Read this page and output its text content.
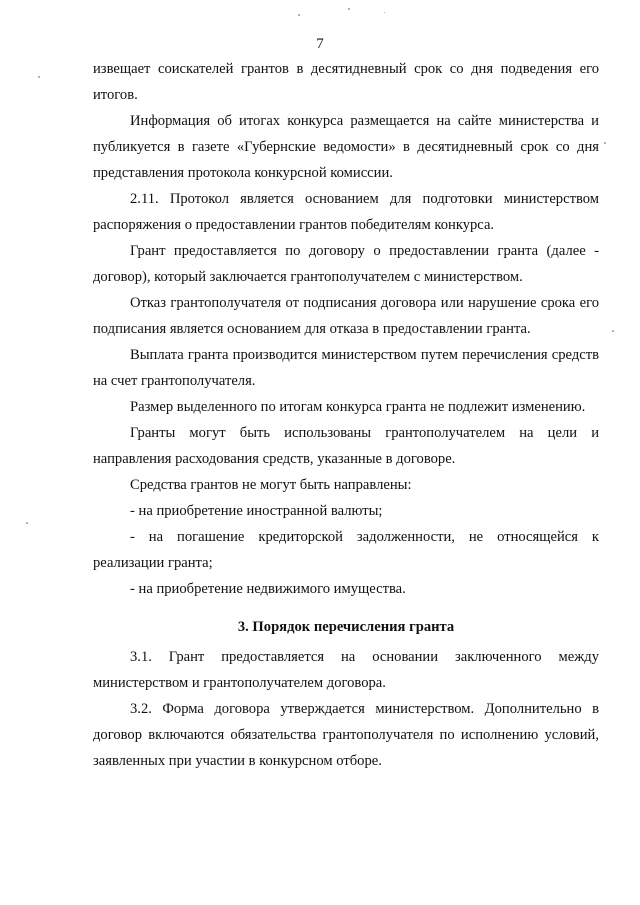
7

извещает соискателей грантов в десятидневный срок со дня подведения его итогов.

Информация об итогах конкурса размещается на сайте министерства и публикуется в газете «Губернские ведомости» в десятидневный срок со дня представления протокола конкурсной комиссии.

2.11. Протокол является основанием для подготовки министерством распоряжения о предоставлении грантов победителям конкурса.

Грант предоставляется по договору о предоставлении гранта (далее - договор), который заключается грантополучателем с министерством.

Отказ грантополучателя от подписания договора или нарушение срока его подписания является основанием для отказа в предоставлении гранта.

Выплата гранта производится министерством путем перечисления средств на счет грантополучателя.

Размер выделенного по итогам конкурса гранта не подлежит изменению.

Гранты могут быть использованы грантополучателем на цели и направления расходования средств, указанные в договоре.

Средства грантов не могут быть направлены:

- на приобретение иностранной валюты;

- на погашение кредиторской задолженности, не относящейся к реализации гранта;

- на приобретение недвижимого имущества.

3. Порядок перечисления гранта

3.1. Грант предоставляется на основании заключенного между министерством и грантополучателем договора.

3.2. Форма договора утверждается министерством. Дополнительно в договор включаются обязательства грантополучателя по исполнению условий, заявленных при участии в конкурсном отборе.
